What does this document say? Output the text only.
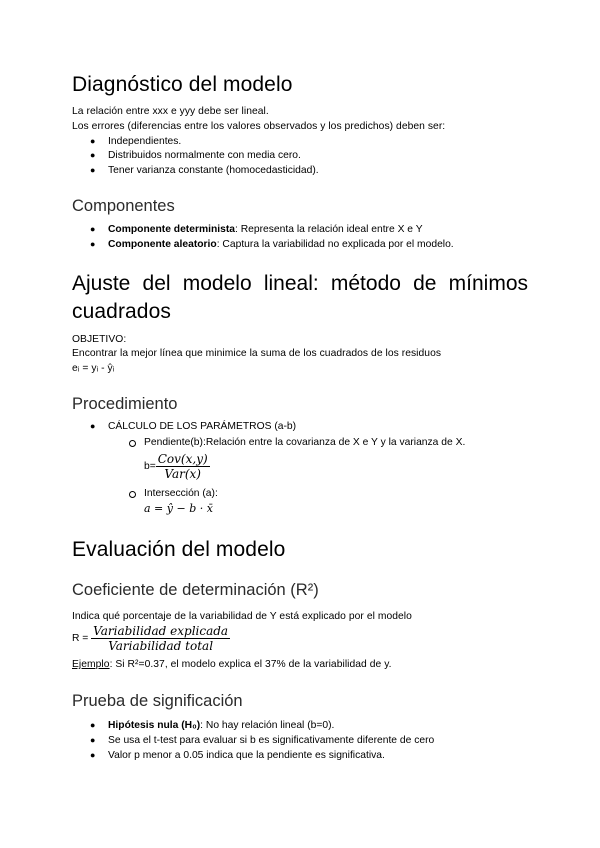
Diagnóstico del modelo
La relación entre xxx e yyy debe ser lineal.
Los errores (diferencias entre los valores observados y los predichos) deben ser:
● Independientes.
● Distribuidos normalmente con media cero.
● Tener varianza constante (homocedasticidad).
Componentes
● Componente determinista: Representa la relación ideal entre X e Y
● Componente aleatorio: Captura la variabilidad no explicada por el modelo.
Ajuste del modelo lineal: método de mínimos
cuadrados
OBJETIVO:
Encontrar la mejor línea que minimice la suma de los cuadrados de los residuos
eᵢ = yᵢ - ŷᵢ
Procedimiento
● CÁLCULO DE LOS PARÁMETROS (a-b)
Pendiente(b):Relación entre la covarianza de X e Y y la varianza de X.
$b= \frac{\text{Cov(x,y)}}{\text{Var(x)}}$
Intersección (a):
a = ŷ − b · x̄
Evaluación del modelo
Coeficiente de determinación (R²)
Indica qué porcentaje de la variabilidad de Y está explicado por el modelo
$R = \frac{\text{Variabilidad explicada}}{\text{Variabilidad total}}$
Ejemplo: Si R²=0.37, el modelo explica el 37% de la variabilidad de y.
Prueba de significación
● Hipótesis nula (H₀): No hay relación lineal (b=0).
● Se usa el t-test para evaluar si b es significativamente diferente de cero
● Valor p menor a 0.05 indica que la pendiente es significativa.
